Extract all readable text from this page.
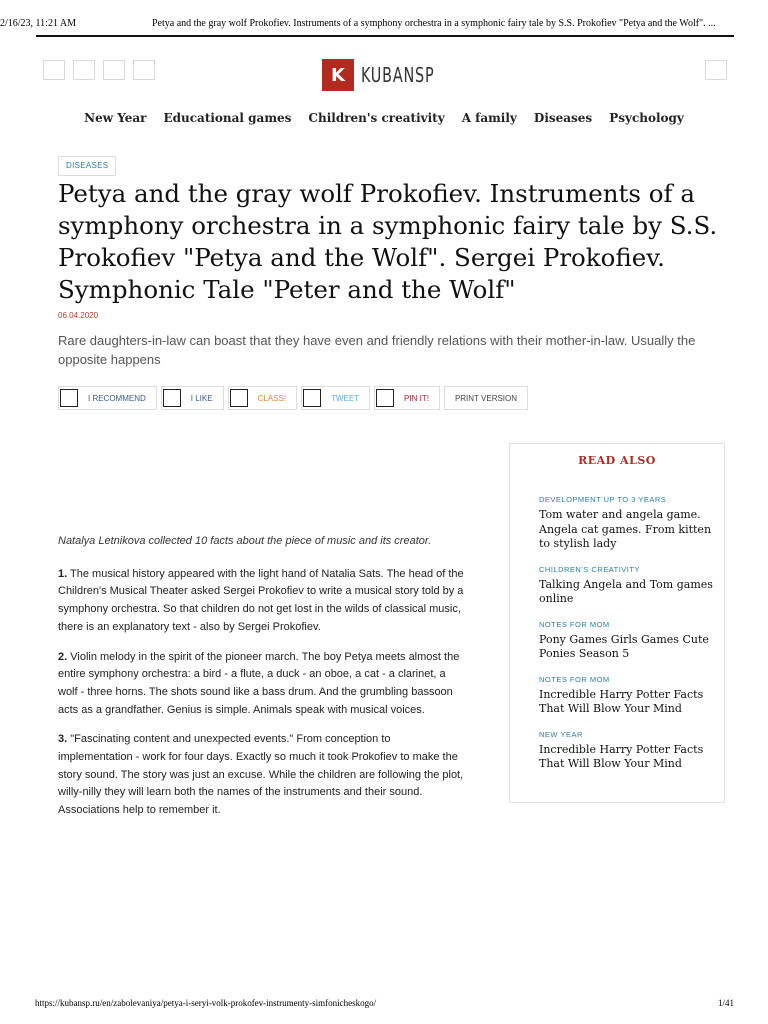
2/16/23, 11:21 AM	Petya and the gray wolf Prokofiev. Instruments of a symphony orchestra in a symphonic fairy tale by S.S. Prokofiev "Petya and the Wolf". ...
K KUBANSP
New Year Educational games Children's creativity A family Diseases Psychology
DISEASES
Petya and the gray wolf Prokofiev. Instruments of a symphony orchestra in a symphonic fairy tale by S.S. Prokofiev "Petya and the Wolf". Sergei Prokofiev. Symphonic Tale "Peter and the Wolf"
06.04.2020
Rare daughters-in-law can boast that they have even and friendly relations with their mother-in-law. Usually the opposite happens
I RECOMMEND	I LIKE	CLASS!	TWEET	PIN IT!	PRINT VERSION

Natalya Letnikova collected 10 facts about the piece of music and its creator.

1. The musical history appeared with the light hand of Natalia Sats. The head of the Children's Musical Theater asked Sergei Prokofiev to write a musical story told by a symphony orchestra. So that children do not get lost in the wilds of classical music, there is an explanatory text - also by Sergei Prokofiev.

2. Violin melody in the spirit of the pioneer march. The boy Petya meets almost the entire symphony orchestra: a bird - a flute, a duck - an oboe, a cat - a clarinet, a wolf - three horns. The shots sound like a bass drum. And the grumbling bassoon acts as a grandfather. Genius is simple. Animals speak with musical voices.

3. "Fascinating content and unexpected events." From conception to implementation - work for four days. Exactly so much it took Prokofiev to make the story sound. The story was just an excuse. While the children are following the plot, willy-nilly they will learn both the names of the instruments and their sound. Associations help to remember it.

READ ALSO
DEVELOPMENT UP TO 3 YEARS
Tom water and angela game. Angela cat games. From kitten to stylish lady
CHILDREN'S CREATIVITY
Talking Angela and Tom games online
NOTES FOR MOM
Pony Games Girls Games Cute Ponies Season 5
NOTES FOR MOM
Incredible Harry Potter Facts That Will Blow Your Mind
NEW YEAR
Incredible Harry Potter Facts That Will Blow Your Mind
https://kubansp.ru/en/zabolevaniya/petya-i-seryi-volk-prokofev-instrumenty-simfonicheskogo/	1/41
